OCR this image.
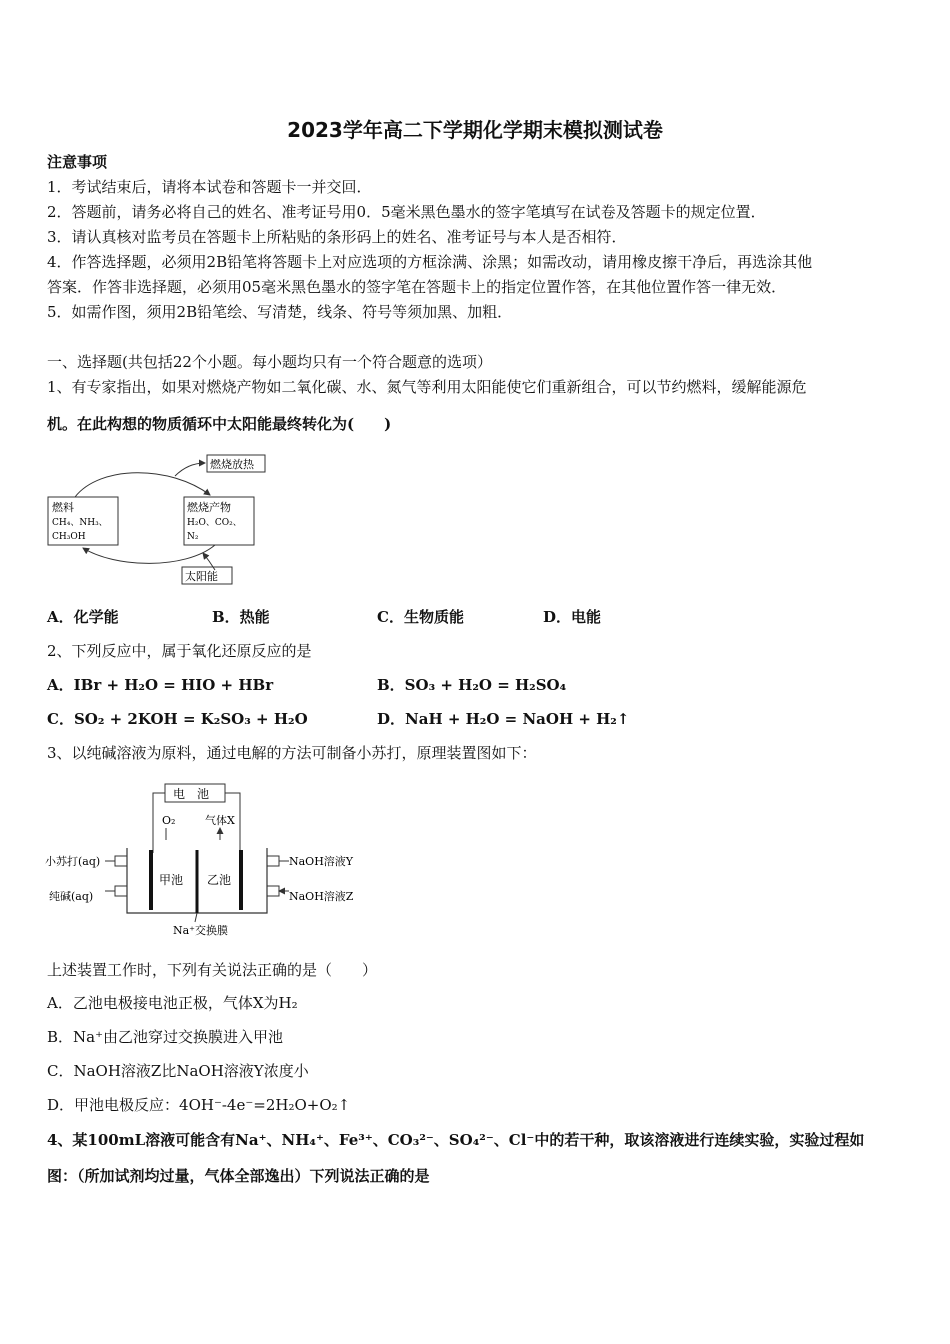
2023学年高二下学期化学期末模拟测试卷
注意事项
1．考试结束后，请将本试卷和答题卡一并交回．
2．答题前，请务必将自己的姓名、准考证号用0．5毫米黑色墨水的签字笔填写在试卷及答题卡的规定位置．
3．请认真核对监考员在答题卡上所粘贴的条形码上的姓名、准考证号与本人是否相符．
4．作答选择题，必须用2B铅笔将答题卡上对应选项的方框涂满、涂黑；如需改动，请用橡皮擦干净后，再选涂其他
答案．作答非选择题，必须用05毫米黑色墨水的签字笔在答题卡上的指定位置作答，在其他位置作答一律无效．
5．如需作图，须用2B铅笔绘、写清楚，线条、符号等须加黑、加粗．
一、选择题(共包括22个小题。每小题均只有一个符合题意的选项）
1、有专家指出，如果对燃烧产物如二氧化碳、水、氮气等利用太阳能使它们重新组合，可以节约燃料，缓解能源危
机。在此构想的物质循环中太阳能最终转化为(　　)
燃料
CH₄、NH₃、
CH₃OH
燃烧产物
H₂O、CO₂、
N₂
燃烧放热
太阳能
A．化学能	B．热能	C．生物质能	D．电能
2、下列反应中，属于氧化还原反应的是
A．IBr + H₂O = HIO + HBr	B．SO₃ + H₂O = H₂SO₄
C．SO₂ + 2KOH = K₂SO₃ + H₂O	D．NaH + H₂O = NaOH + H₂↑
3、以纯碱溶液为原料，通过电解的方法可制备小苏打，原理装置图如下：
电　池
O₂	气体X
甲池 乙池
小苏打(aq)
纯碱(aq)
NaOH溶液Y
NaOH溶液Z
Na⁺交换膜
上述装置工作时，下列有关说法正确的是（　　）
A．乙池电极接电池正极，气体X为H₂
B．Na⁺由乙池穿过交换膜进入甲池
C．NaOH溶液Z比NaOH溶液Y浓度小
D．甲池电极反应：4OH⁻-4e⁻=2H₂O+O₂↑
4、某100mL溶液可能含有Na⁺、NH₄⁺、Fe³⁺、CO₃²⁻、SO₄²⁻、Cl⁻中的若干种，取该溶液进行连续实验，实验过程如
图：（所加试剂均过量，气体全部逸出）下列说法正确的是
